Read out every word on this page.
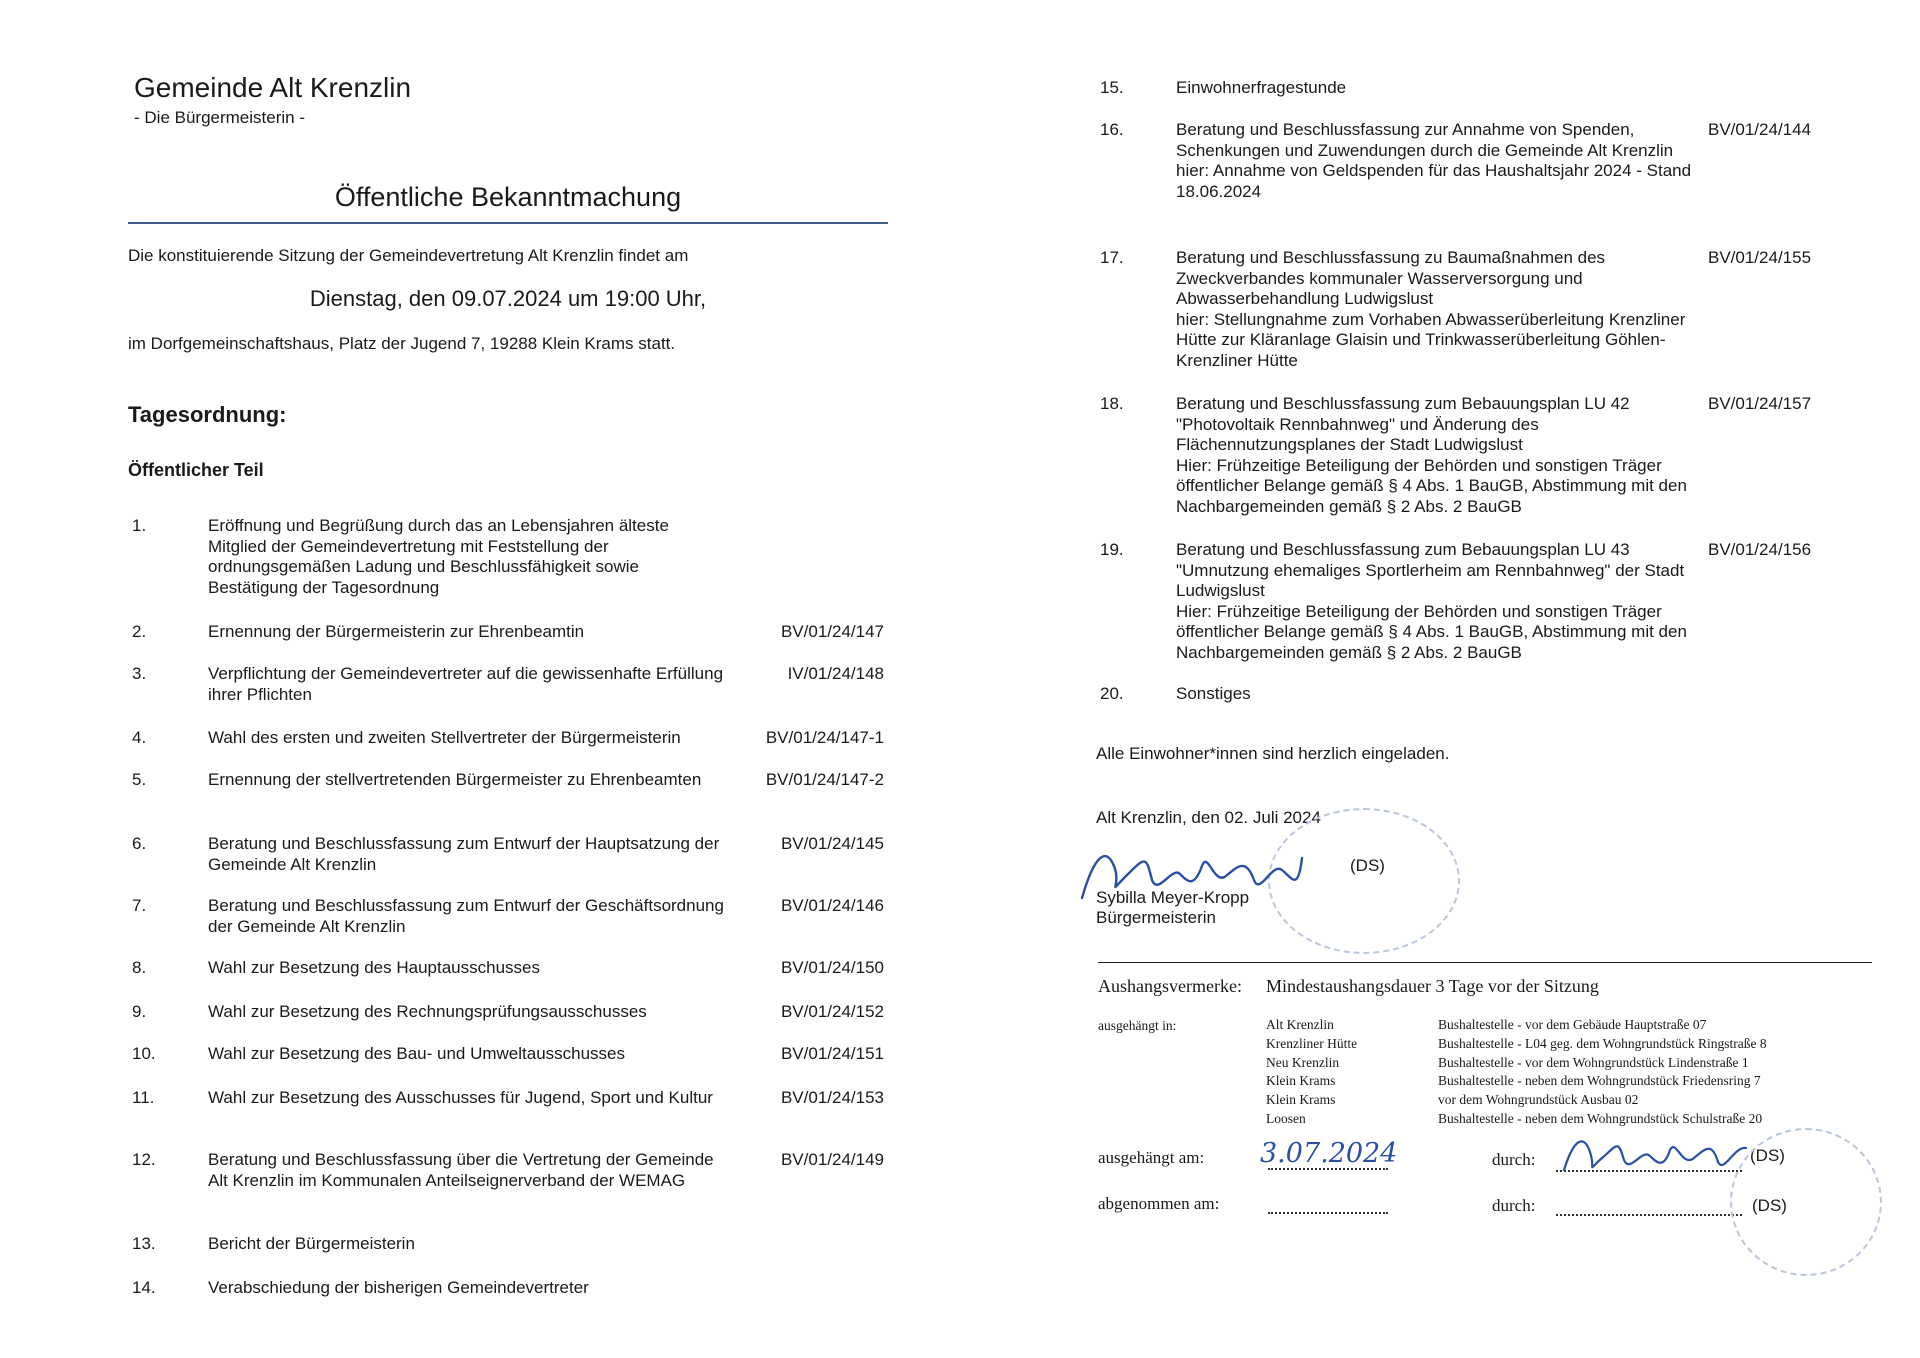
Gemeinde Alt Krenzlin
- Die Bürgermeisterin -
Öffentliche Bekanntmachung
Die konstituierende Sitzung der Gemeindevertretung Alt Krenzlin findet am
Dienstag, den 09.07.2024 um 19:00 Uhr,
im Dorfgemeinschaftshaus, Platz der Jugend 7, 19288 Klein Krams statt.
Tagesordnung:
Öffentlicher Teil
1.	Eröffnung und Begrüßung durch das an Lebensjahren älteste Mitglied der Gemeindevertretung mit Feststellung der ordnungsgemäßen Ladung und Beschlussfähigkeit sowie Bestätigung der Tagesordnung
2.	Ernennung der Bürgermeisterin zur Ehrenbeamtin	BV/01/24/147
3.	Verpflichtung der Gemeindevertreter auf die gewissenhafte Erfüllung ihrer Pflichten
IV/01/24/148
4.	Wahl des ersten und zweiten Stellvertreter der Bürgermeisterin	BV/01/24/147-1
5.	Ernennung der stellvertretenden Bürgermeister zu Ehrenbeamten	BV/01/24/147-2
6.	Beratung und Beschlussfassung zum Entwurf der Hauptsatzung der Gemeinde Alt Krenzlin
BV/01/24/145
7.	Beratung und Beschlussfassung zum Entwurf der Geschäftsordnung der Gemeinde Alt Krenzlin
BV/01/24/146
8.	Wahl zur Besetzung des Hauptausschusses	BV/01/24/150
9.	Wahl zur Besetzung des Rechnungsprüfungsausschusses	BV/01/24/152
10.	Wahl zur Besetzung des Bau- und Umweltausschusses	BV/01/24/151
11.	Wahl zur Besetzung des Ausschusses für Jugend, Sport und Kultur	BV/01/24/153
12.	Beratung und Beschlussfassung über die Vertretung der Gemeinde Alt Krenzlin im Kommunalen Anteilseignerverband der WEMAG
BV/01/24/149
13.	Bericht der Bürgermeisterin
14.	Verabschiedung der bisherigen Gemeindevertreter
Alle Einwohner*innen sind herzlich eingeladen.
Alt Krenzlin, den 02. Juli 2024
(DS)
Sybilla Meyer-Kropp
Bürgermeisterin
Aushangsvermerke: Mindestaushangsdauer 3 Tage vor der Sitzung
ausgehängt in:	Alt Krenzlin	Bushaltestelle - vor dem Gebäude Hauptstraße 07
Krenzliner Hütte	Bushaltestelle - L04 geg. dem Wohngrundstück Ringstraße 8
Neu Krenzlin	Bushaltestelle - vor dem Wohngrundstück Lindenstraße 1
Klein Krams	Bushaltestelle - neben dem Wohngrundstück Friedensring 7
Klein Krams	vor dem Wohngrundstück Ausbau 02
Loosen	Bushaltestelle - neben dem Wohngrundstück Schulstraße 20
ausgehängt am: 3.07.2024	durch:	(DS)
abgenommen am:	durch:	(DS)
15.	Einwohnerfragestunde
16.	Beratung und Beschlussfassung zur Annahme von Spenden, Schenkungen und Zuwendungen durch die Gemeinde Alt Krenzlin
hier: Annahme von Geldspenden für das Haushaltsjahr 2024 - Stand 18.06.2024
BV/01/24/144
17.	Beratung und Beschlussfassung zu Baumaßnahmen des Zweckverbandes kommunaler Wasserversorgung und Abwasserbehandlung Ludwigslust
hier: Stellungnahme zum Vorhaben Abwasserüberleitung Krenzliner Hütte zur Kläranlage Glaisin und Trinkwasserüberleitung Göhlen-Krenzliner Hütte
BV/01/24/155
18.	Beratung und Beschlussfassung zum Bebauungsplan LU 42 "Photovoltaik Rennbahnweg" und Änderung des Flächennutzungsplanes der Stadt Ludwigslust
Hier: Frühzeitige Beteiligung der Behörden und sonstigen Träger öffentlicher Belange gemäß § 4 Abs. 1 BauGB, Abstimmung mit den Nachbargemeinden gemäß § 2 Abs. 2 BauGB
BV/01/24/157
19.	Beratung und Beschlussfassung zum Bebauungsplan LU 43 "Umnutzung ehemaliges Sportlerheim am Rennbahnweg" der Stadt Ludwigslust
Hier: Frühzeitige Beteiligung der Behörden und sonstigen Träger öffentlicher Belange gemäß § 4 Abs. 1 BauGB, Abstimmung mit den Nachbargemeinden gemäß § 2 Abs. 2 BauGB
BV/01/24/156
20.	Sonstiges
